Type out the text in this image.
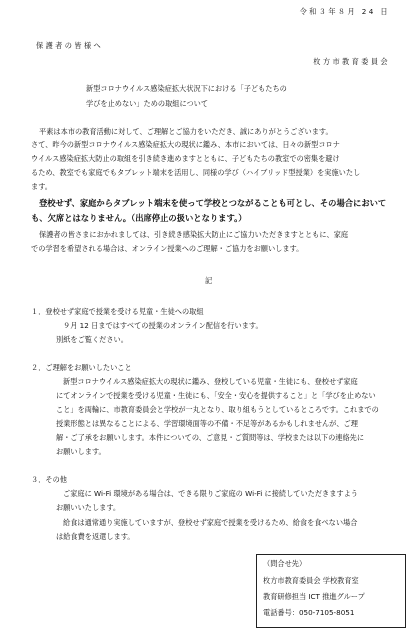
令和３年８月 24 日
保護者の皆様へ
枚方市教育委員会
新型コロナウイルス感染症拡大状況下における「子どもたちの
学びを止めない」ための取組について
平素は本市の教育活動に対して、ご理解とご協力をいただき、誠にありがとうございます。
さて、昨今の新型コロナウイルス感染症拡大の現状に鑑み、本市においては、日々の新型コロナ
ウイルス感染症拡大防止の取組を引き続き進めますとともに、子どもたちの教室での密集を避け
るため、教室でも家庭でもタブレット端末を活用し、同様の学び（ハイブリッド型授業）を実施いたし
ます。
登校せず、家庭からタブレット端末を使って学校とつながることも可とし、その場合において
も、欠席とはなりません。（出席停止の扱いとなります。）
保護者の皆さまにおかれましては、引き続き感染拡大防止にご協力いただきますとともに、家庭
での学習を希望される場合は、オンライン授業へのご理解・ご協力をお願いします。
記
１．登校せず家庭で授業を受ける児童・生徒への取組
９月 12 日まではすべての授業のオンライン配信を行います。
別紙をご覧ください。
２．ご理解をお願いしたいこと
新型コロナウイルス感染症拡大の現状に鑑み、登校している児童・生徒にも、登校せず家庭
にてオンラインで授業を受ける児童・生徒にも、「安全・安心を提供すること」と「学びを止めない
こと」を両輪に、市教育委員会と学校が一丸となり、取り組もうとしているところです。これまでの
授業形態とは異なることによる、学習環境面等の不備・不足等があるかもしれませんが、ご理
解・ご了承をお願いします。本件についての、ご意見・ご質問等は、学校または以下の連絡先に
お願いします。
３．その他
ご家庭に Wi-Fi 環境がある場合は、できる限りご家庭の Wi-Fi に接続していただきますよう
お願いいたします。
給食は通常通り実施していますが、登校せず家庭で授業を受けるため、給食を食べない場合
は給食費を返還します。
（問合せ先）
枚方市教育委員会 学校教育室
教育研修担当 ICT 推進グループ
電話番号：050-7105-8051
